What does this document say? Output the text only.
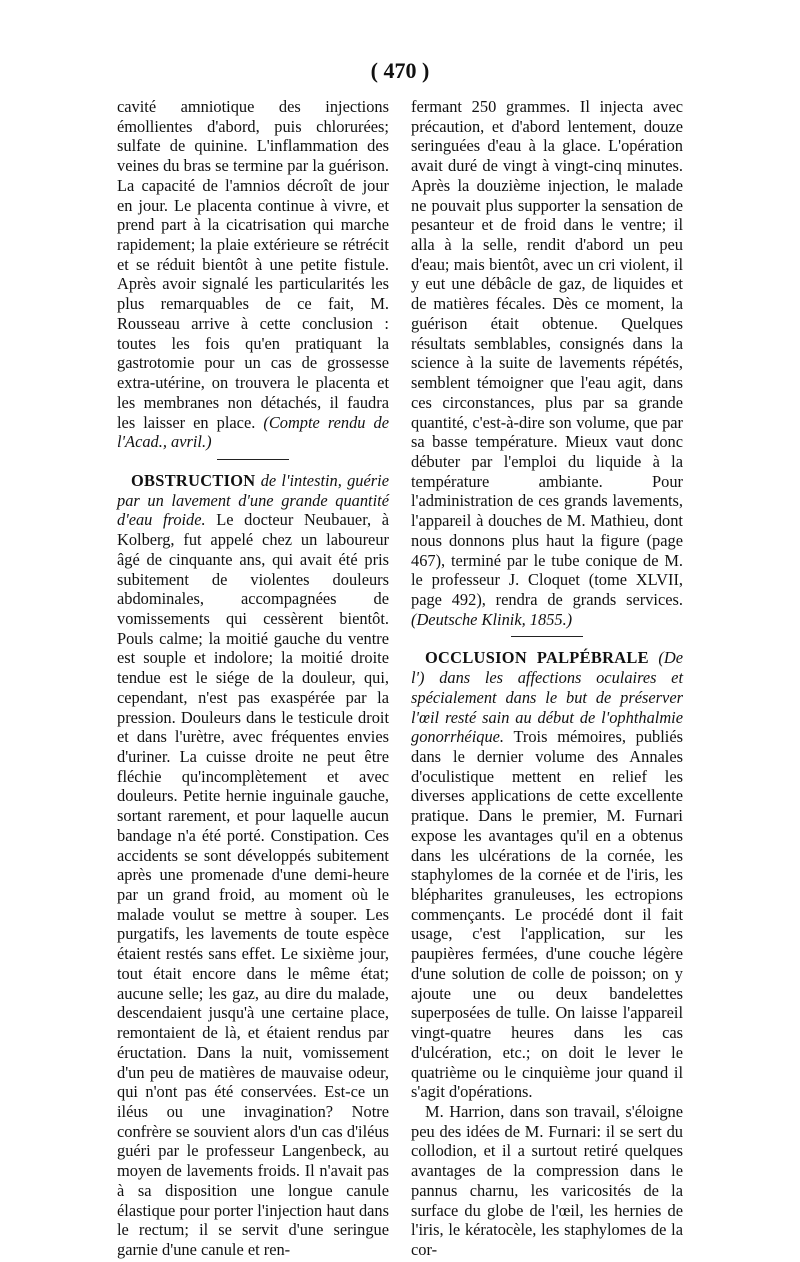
( 470 )

cavité amniotique des injections émollientes d'abord, puis chlorurées; sulfate de quinine. L'inflammation des veines du bras se termine par la guérison. La capacité de l'amnios décroît de jour en jour. Le placenta continue à vivre, et prend part à la cicatrisation qui marche rapidement; la plaie extérieure se rétrécit et se réduit bientôt à une petite fistule. Après avoir signalé les particularités les plus remarquables de ce fait, M. Rousseau arrive à cette conclusion : toutes les fois qu'en pratiquant la gastrotomie pour un cas de grossesse extra-utérine, on trouvera le placenta et les membranes non détachés, il faudra les laisser en place. (Compte rendu de l'Acad., avril.)

OBSTRUCTION de l'intestin, guérie par un lavement d'une grande quantité d'eau froide. Le docteur Neubauer, à Kolberg, fut appelé chez un laboureur âgé de cinquante ans, qui avait été pris subitement de violentes douleurs abdominales, accompagnées de vomissements qui cessèrent bientôt. Pouls calme; la moitié gauche du ventre est souple et indolore; la moitié droite tendue est le siége de la douleur, qui, cependant, n'est pas exaspérée par la pression. Douleurs dans le testicule droit et dans l'urètre, avec fréquentes envies d'uriner. La cuisse droite ne peut être fléchie qu'incomplètement et avec douleurs. Petite hernie inguinale gauche, sortant rarement, et pour laquelle aucun bandage n'a été porté. Constipation. Ces accidents se sont développés subitement après une promenade d'une demi-heure par un grand froid, au moment où le malade voulut se mettre à souper. Les purgatifs, les lavements de toute espèce étaient restés sans effet. Le sixième jour, tout était encore dans le même état; aucune selle; les gaz, au dire du malade, descendaient jusqu'à une certaine place, remontaient de là, et étaient rendus par éructation. Dans la nuit, vomissement d'un peu de matières de mauvaise odeur, qui n'ont pas été conservées. Est-ce un iléus ou une invagination? Notre confrère se souvient alors d'un cas d'iléus guéri par le professeur Langenbeck, au moyen de lavements froids. Il n'avait pas à sa disposition une longue canule élastique pour porter l'injection haut dans le rectum; il se servit d'une seringue garnie d'une canule et ren-

fermant 250 grammes. Il injecta avec précaution, et d'abord lentement, douze seringuées d'eau à la glace. L'opération avait duré de vingt à vingt-cinq minutes. Après la douzième injection, le malade ne pouvait plus supporter la sensation de pesanteur et de froid dans le ventre; il alla à la selle, rendit d'abord un peu d'eau; mais bientôt, avec un cri violent, il y eut une débâcle de gaz, de liquides et de matières fécales. Dès ce moment, la guérison était obtenue. Quelques résultats semblables, consignés dans la science à la suite de lavements répétés, semblent témoigner que l'eau agit, dans ces circonstances, plus par sa grande quantité, c'est-à-dire son volume, que par sa basse température. Mieux vaut donc débuter par l'emploi du liquide à la température ambiante. Pour l'administration de ces grands lavements, l'appareil à douches de M. Mathieu, dont nous donnons plus haut la figure (page 467), terminé par le tube conique de M. le professeur J. Cloquet (tome XLVII, page 492), rendra de grands services. (Deutsche Klinik, 1855.)

OCCLUSION PALPÉBRALE (De l') dans les affections oculaires et spécialement dans le but de préserver l'œil resté sain au début de l'ophthalmie gonorrhéique. Trois mémoires, publiés dans le dernier volume des Annales d'oculistique mettent en relief les diverses applications de cette excellente pratique. Dans le premier, M. Furnari expose les avantages qu'il en a obtenus dans les ulcérations de la cornée, les staphylomes de la cornée et de l'iris, les blépharites granuleuses, les ectropions commençants. Le procédé dont il fait usage, c'est l'application, sur les paupières fermées, d'une couche légère d'une solution de colle de poisson; on y ajoute une ou deux bandelettes superposées de tulle. On laisse l'appareil vingt-quatre heures dans les cas d'ulcération, etc.; on doit le lever le quatrième ou le cinquième jour quand il s'agit d'opérations.

M. Harrion, dans son travail, s'éloigne peu des idées de M. Furnari: il se sert du collodion, et il a surtout retiré quelques avantages de la compression dans le pannus charnu, les varicosités de la surface du globe de l'œil, les hernies de l'iris, le kératocèle, les staphylomes de la cor-
